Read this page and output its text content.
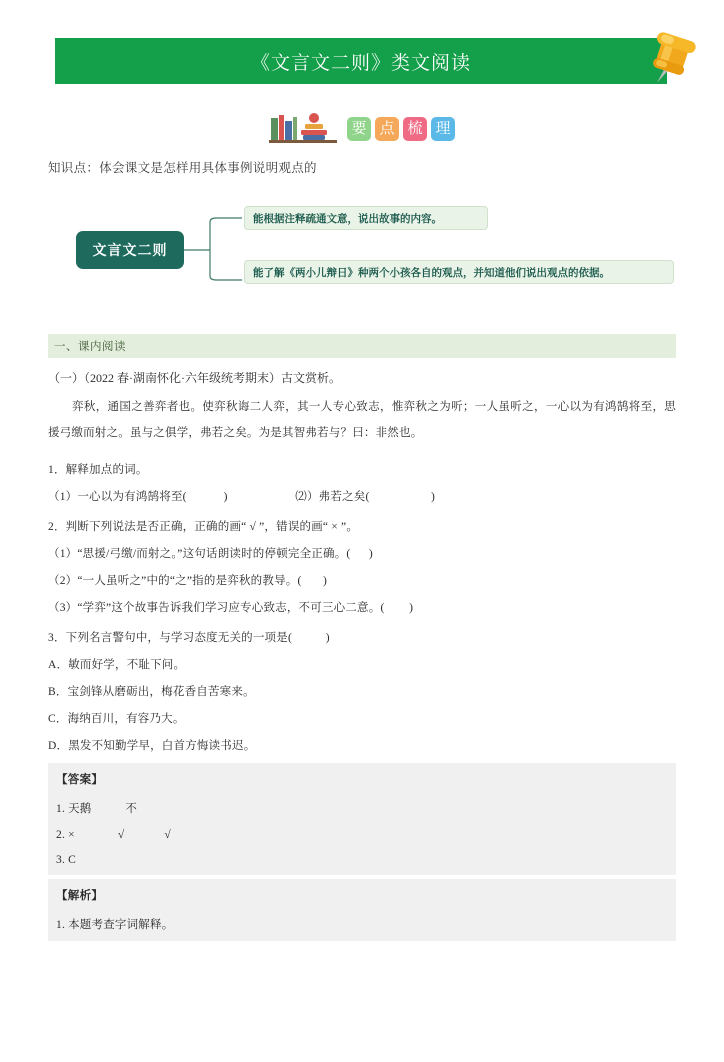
《文言文二则》类文阅读
要 点 梳 理
知识点：体会课文是怎样用具体事例说明观点的
文言文二则
能根据注释疏通文意，说出故事的内容。
能了解《两小儿辩日》种两个小孩各自的观点，并知道他们说出观点的依据。
一、课内阅读
（一）（2022 春·湖南怀化·六年级统考期末）古文赏析。
弈秋，通国之善弈者也。使弈秋诲二人弈，其一人专心致志，惟弈秋之为听；一人虽听之，一心以为有鸿鹄将至，思援弓缴而射之。虽与之俱学，弗若之矣。为是其智弗若与？曰：非然也。
1．解释加点的词。
（1）一心以为有鸿鹄将至(            )                      ⑵）弗若之矣(                    )
2．判断下列说法是否正确，正确的画“ √ ”，错误的画“ × ”。
（1）“思援/弓缴/而射之。”这句话朗读时的停顿完全正确。(      )
（2）“一人虽听之”中的“之”指的是弈秋的教导。(       )
（3）“学弈”这个故事告诉我们学习应专心致志，不可三心二意。(        )
3．下列名言警句中，与学习态度无关的一项是(           )
A．敏而好学，不耻下问。
B．宝剑锋从磨砺出，梅花香自苦寒来。
C．海纳百川，有容乃大。
D．黑发不知勤学早，白首方悔读书迟。
【答案】
1. 天鹅           不
2. ×              √             √
3. C
【解析】
1. 本题考查字词解释。
